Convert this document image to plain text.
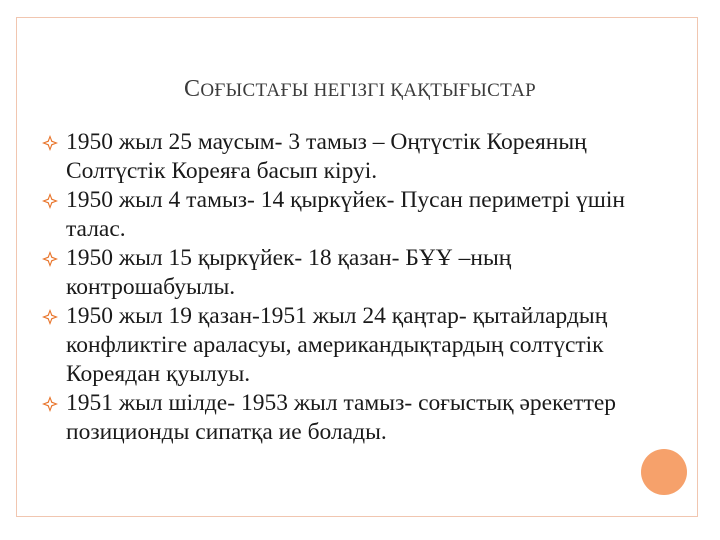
СОҒЫСТАҒЫ НЕГІЗГІ ҚАҚТЫҒЫСТАР
1950 жыл 25 маусым- 3 тамыз – Оңтүстік Кореяның Солтүстік Кореяға басып кіруі.
1950 жыл 4 тамыз- 14 қыркүйек- Пусан периметрі үшін талас.
1950 жыл 15 қыркүйек- 18 қазан- БҰҰ –ның контрошабуылы.
1950 жыл 19 қазан-1951 жыл 24 қаңтар- қытайлардың конфликтіге араласуы, американдықтардың солтүстік Кореядан қуылуы.
1951 жыл шілде- 1953 жыл тамыз- соғыстық әрекеттер позиционды сипатқа ие болады.
